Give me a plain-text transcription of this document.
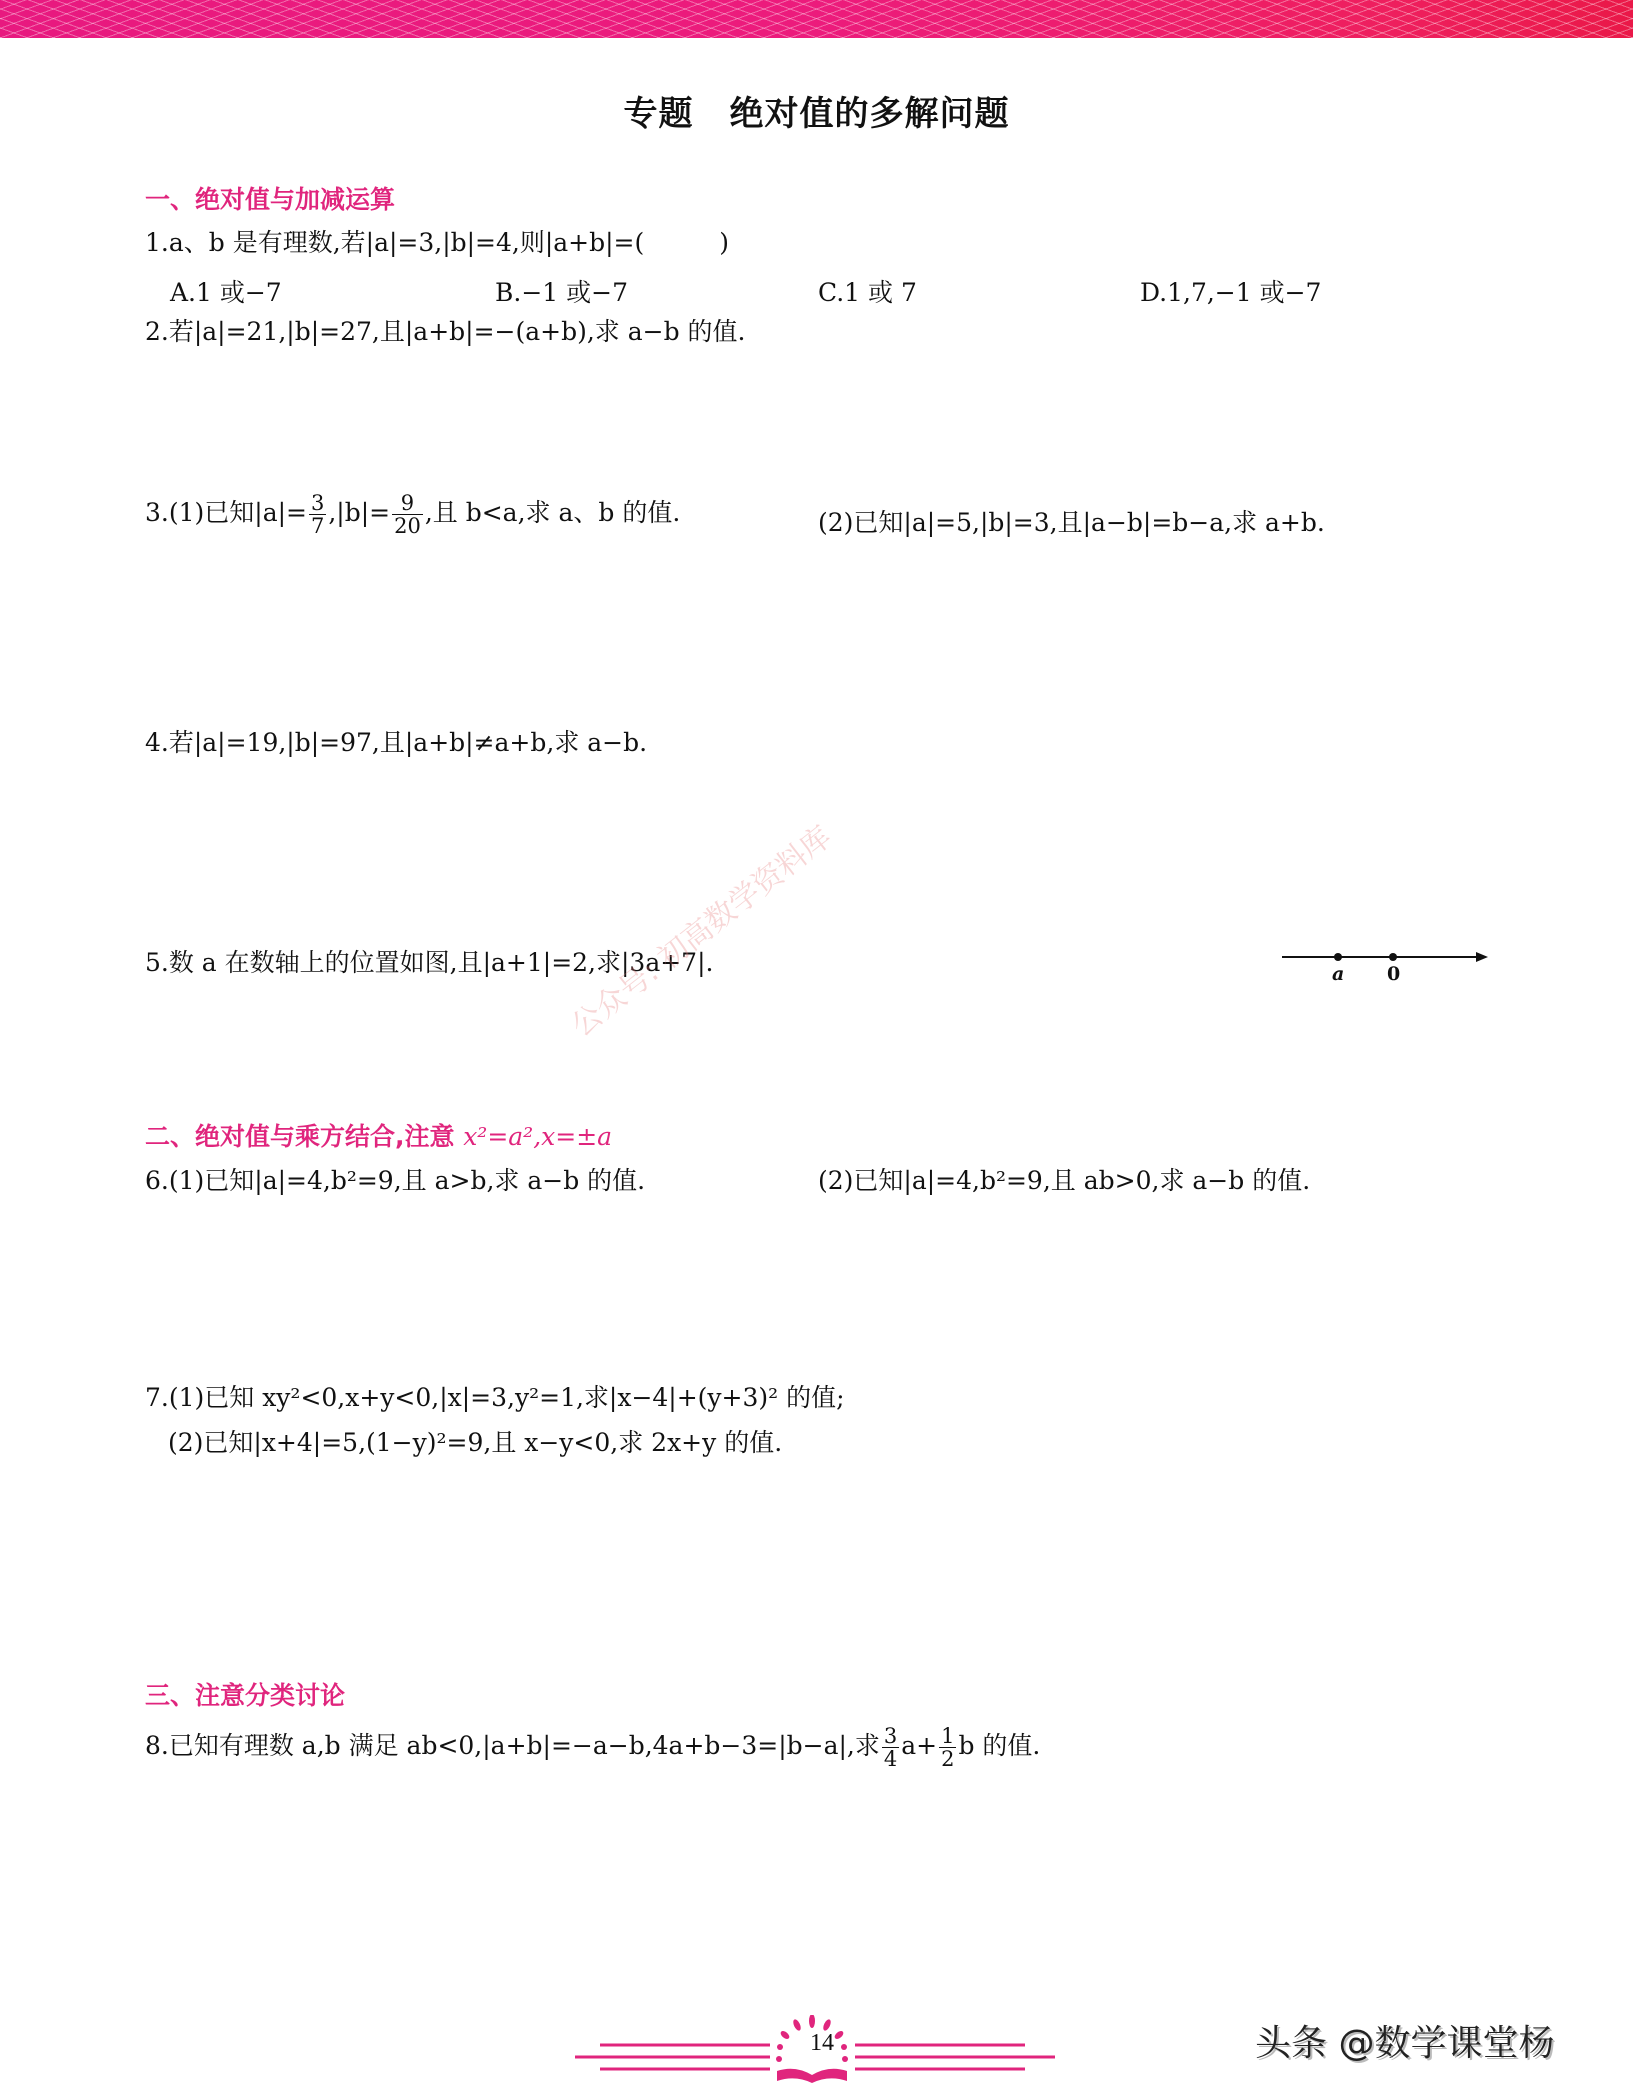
专题 绝对值的多解问题
一、绝对值与加减运算
1.a、b 是有理数,若|a|=3,|b|=4,则|a+b|=(　　　)
A.1 或−7	B.−1 或−7	C.1 或 7	D.1,7,−1 或−7
2.若|a|=21,|b|=27,且|a+b|=−(a+b),求 a−b 的值.
3.(1)已知$|a|= \frac{3}{7} ,|b|= \frac{9}{20}$ ,且 b<a,求 a、b 的值.	(2)已知|a|=5,|b|=3,且|a−b|=b−a,求 a+b.
4.若|a|=19,|b|=97,且|a+b|≠a+b,求 a−b.
5.数 a 在数轴上的位置如图,且|a+1|=2,求|3a+7|.	a 0
公众号: 初高数学资料库
二、绝对值与乘方结合,注意 x²=a²,x=±a
6.(1)已知|a|=4,b²=9,且 a>b,求 a−b 的值.	(2)已知|a|=4,b²=9,且 ab>0,求 a−b 的值.
7.(1)已知 xy²<0,x+y<0,|x|=3,y²=1,求|x−4|+(y+3)² 的值;
(2)已知|x+4|=5,(1−y)²=9,且 x−y<0,求 2x+y 的值.
三、注意分类讨论
8.已知有理数 a,b 满足 ab<0,|a+b|=−a−b,4a+b−3=|b−a|,求 $\frac{3}{4} a+ \frac{1}{2}$ b 的值.
14	头条 @数学课堂杨
